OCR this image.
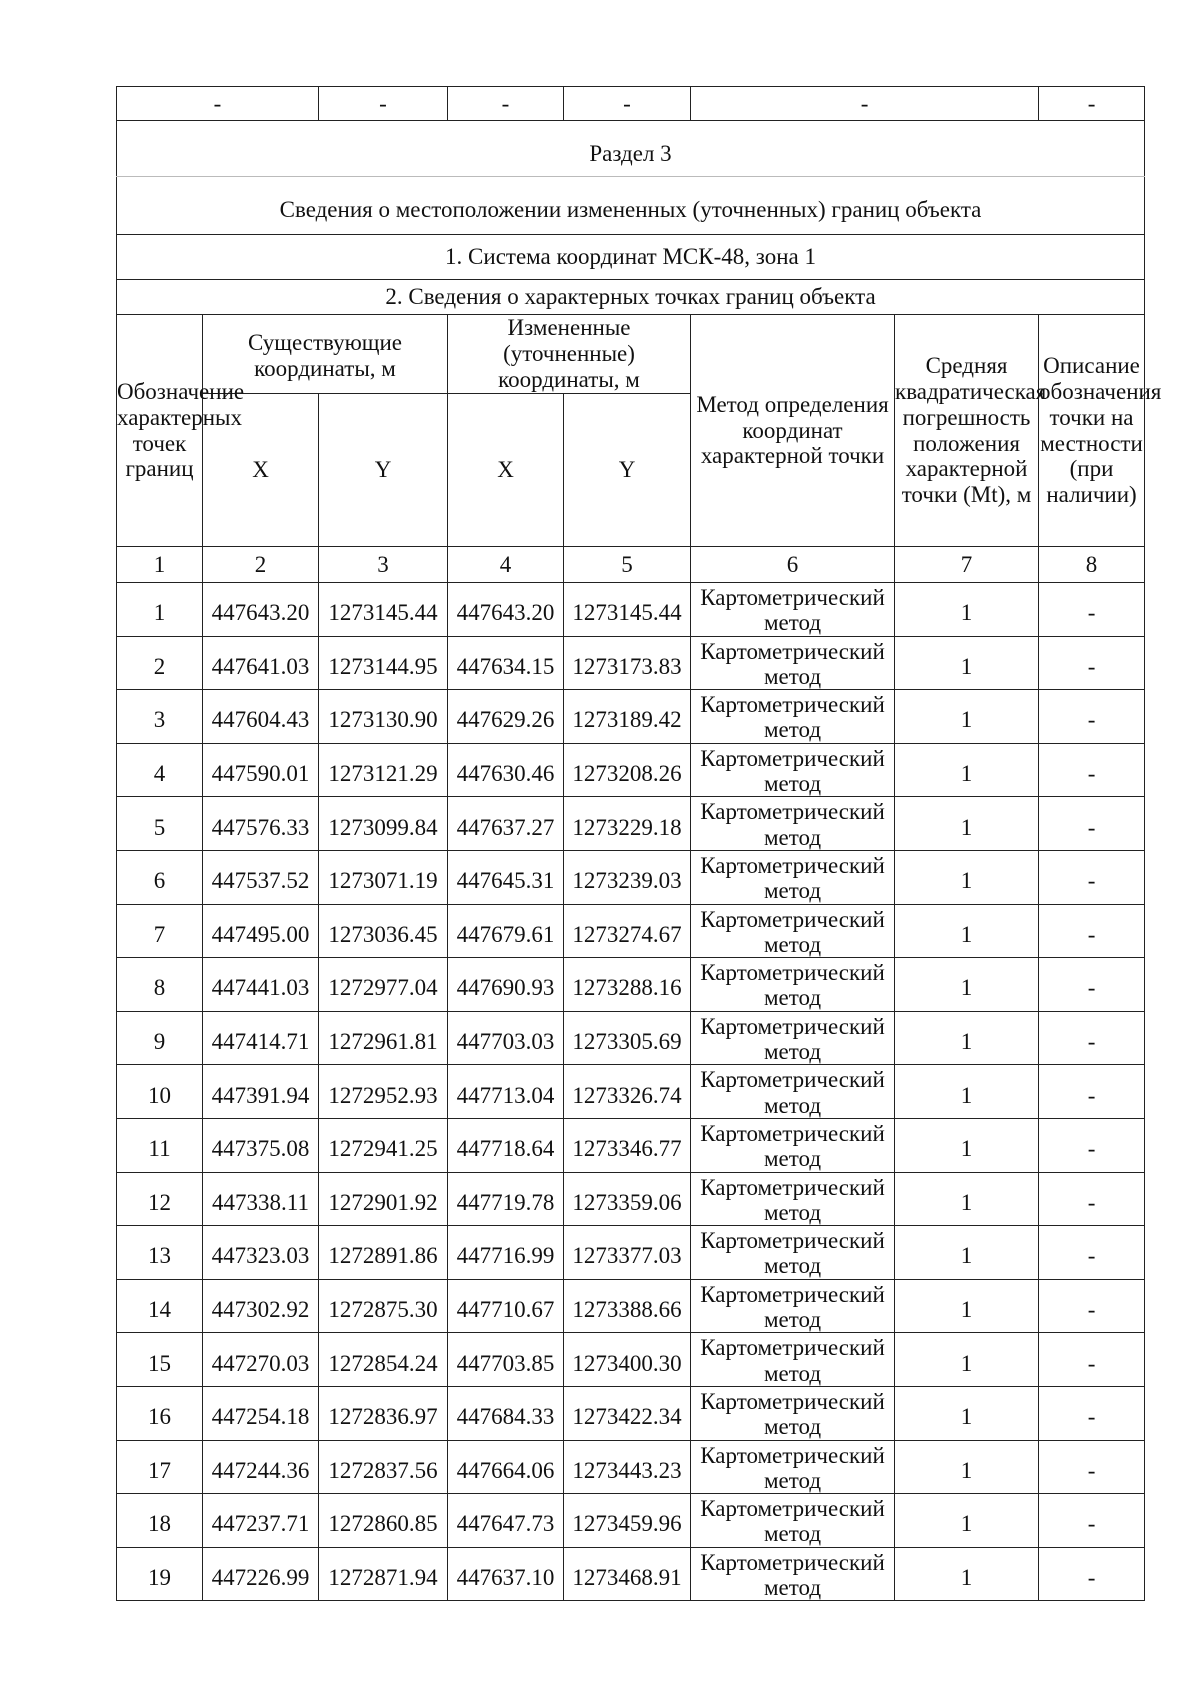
-		-	-	-	-		-
Раздел 3							
Сведения о местоположении измененных (уточненных) границ объекта							
1. Система координат МСК-48, зона 1							
2. Сведения о характерных точках границ объекта							
Обозначение характерных точек границ	Существующие координаты, м		Измененные (уточненные) координаты, м		Метод определения координат характерной точки	Средняя квадратическая погрешность положения характерной точки (Mt), м	Описание обозначения точки на местности (при наличии)
	X	Y	X	Y			
1	2	3	4	5	6	7	8
1	447643.20	1273145.44	447643.20	1273145.44	Картометрический метод	1	-
2	447641.03	1273144.95	447634.15	1273173.83	Картометрический метод	1	-
3	447604.43	1273130.90	447629.26	1273189.42	Картометрический метод	1	-
4	447590.01	1273121.29	447630.46	1273208.26	Картометрический метод	1	-
5	447576.33	1273099.84	447637.27	1273229.18	Картометрический метод	1	-
6	447537.52	1273071.19	447645.31	1273239.03	Картометрический метод	1	-
7	447495.00	1273036.45	447679.61	1273274.67	Картометрический метод	1	-
8	447441.03	1272977.04	447690.93	1273288.16	Картометрический метод	1	-
9	447414.71	1272961.81	447703.03	1273305.69	Картометрический метод	1	-
10	447391.94	1272952.93	447713.04	1273326.74	Картометрический метод	1	-
11	447375.08	1272941.25	447718.64	1273346.77	Картометрический метод	1	-
12	447338.11	1272901.92	447719.78	1273359.06	Картометрический метод	1	-
13	447323.03	1272891.86	447716.99	1273377.03	Картометрический метод	1	-
14	447302.92	1272875.30	447710.67	1273388.66	Картометрический метод	1	-
15	447270.03	1272854.24	447703.85	1273400.30	Картометрический метод	1	-
16	447254.18	1272836.97	447684.33	1273422.34	Картометрический метод	1	-
17	447244.36	1272837.56	447664.06	1273443.23	Картометрический метод	1	-
18	447237.71	1272860.85	447647.73	1273459.96	Картометрический метод	1	-
19	447226.99	1272871.94	447637.10	1273468.91	Картометрический метод	1	-
